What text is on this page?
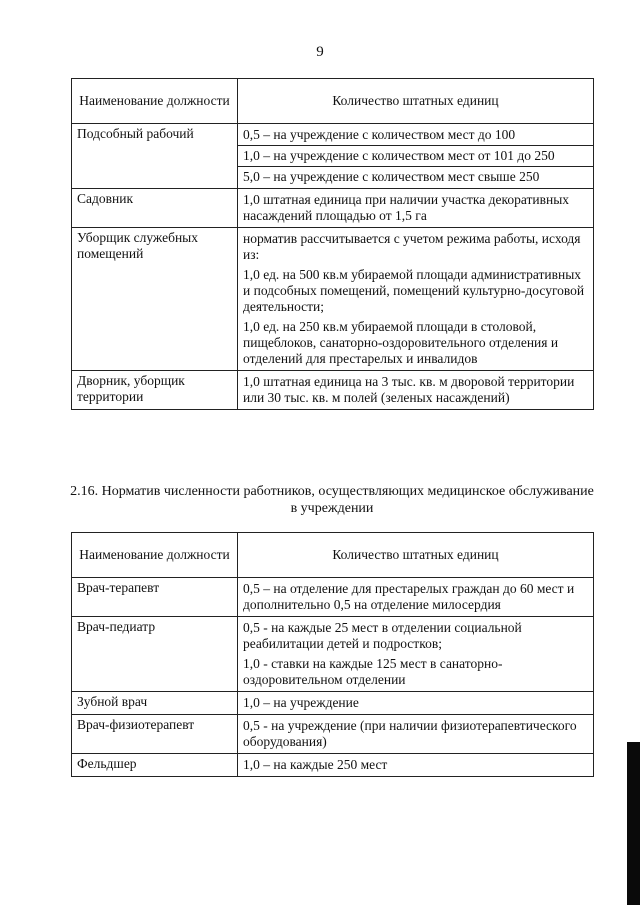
9
Наименование должности	Количество штатных единиц
Подсобный рабочий	0,5 – на учреждение с количеством мест до 100
1,0 – на учреждение с количеством мест от 101 до 250
5,0 – на учреждение с количеством мест свыше 250

Садовник	1,0 штатная единица при наличии участка декоративных насаждений площадью от 1,5 га

Уборщик служебных помещений	норматив рассчитывается с учетом режима работы, исходя из:
1,0 ед. на 500 кв.м убираемой площади административных и подсобных помещений, помещений культурно-досуговой деятельности;
1,0 ед. на 250 кв.м убираемой площади в столовой, пищеблоков, санаторно-оздоровительного отделения и отделений для престарелых и инвалидов

Дворник, уборщик территории	1,0 штатная единица на 3 тыс. кв. м дворовой территории или 30 тыс. кв. м полей (зеленых насаждений)
2.16. Норматив численности работников, осуществляющих медицинское обслуживание в учреждении
Наименование должности	Количество штатных единиц
Врач-терапевт	0,5 – на отделение для престарелых граждан до 60 мест и дополнительно 0,5 на отделение милосердия

Врач-педиатр	0,5 - на каждые 25 мест в отделении социальной реабилитации детей и подростков;
1,0 - ставки на каждые 125 мест в санаторно-оздоровительном отделении

Зубной врач	1,0 – на учреждение

Врач-физиотерапевт	0,5 - на учреждение (при наличии физиотерапевтического оборудования)

Фельдшер	1,0 – на каждые 250 мест
